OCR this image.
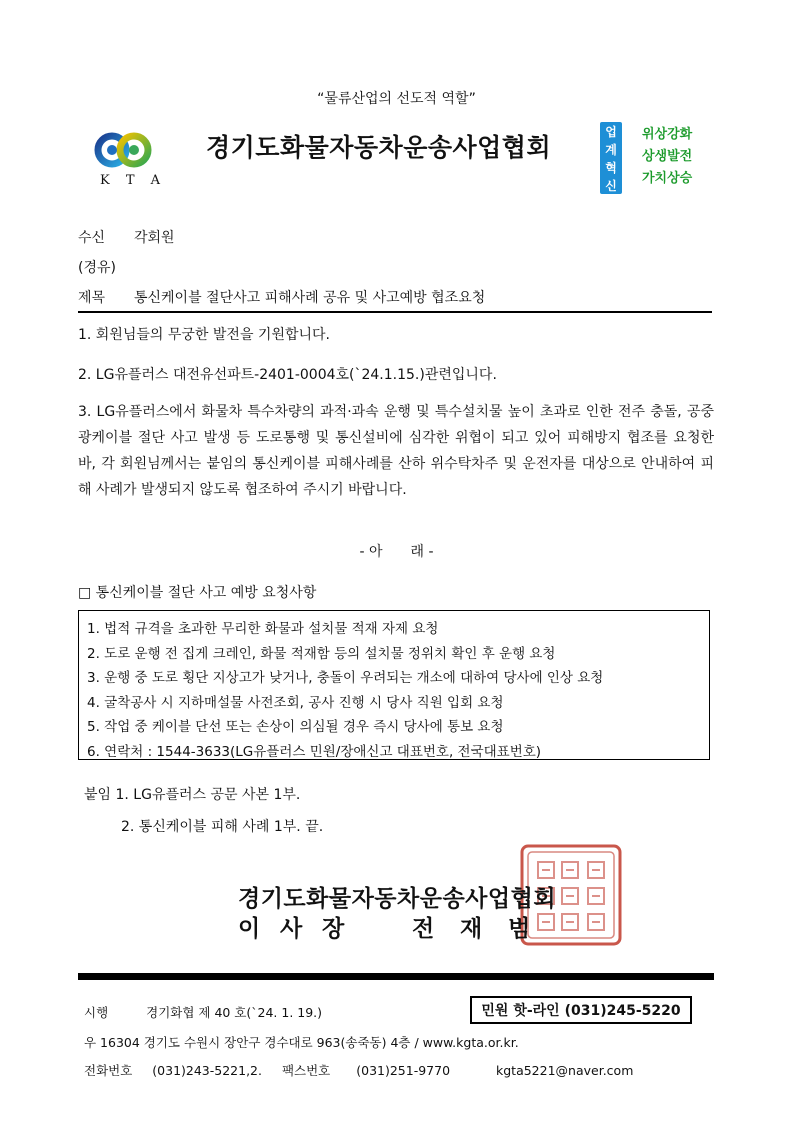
“물류산업의 선도적 역할”
K T A
경기도화물자동차운송사업협회
업
계
혁
신
위상강화
상생발전
가치상승
수신 각회원
(경유)
제목 통신케이블 절단사고 피해사례 공유 및 사고예방 협조요청
1. 회원님들의 무궁한 발전을 기원합니다.
2. LG유플러스 대전유선파트-2401-0004호(`24.1.15.)관련입니다.
3. LG유플러스에서 화물차 특수차량의 과적·과속 운행 및 특수설치물 높이 초과로 인한 전주 충돌, 공중 광케이블 절단 사고 발생 등 도로통행 및 통신설비에 심각한 위협이 되고 있어 피해방지 협조를 요청한 바, 각 회원님께서는 붙임의 통신케이블 피해사례를 산하 위수탁차주 및 운전자를 대상으로 안내하여 피해 사례가 발생되지 않도록 협조하여 주시기 바랍니다.
- 아　　래 -
□ 통신케이블 절단 사고 예방 요청사항
1. 법적 규격을 초과한 무리한 화물과 설치물 적재 자제 요청
2. 도로 운행 전 집게 크레인, 화물 적재함 등의 설치물 정위치 확인 후 운행 요청
3. 운행 중 도로 횡단 지상고가 낮거나, 충돌이 우려되는 개소에 대하여 당사에 인상 요청
4. 굴착공사 시 지하매설물 사전조회, 공사 진행 시 당사 직원 입회 요청
5. 작업 중 케이블 단선 또는 손상이 의심될 경우 즉시 당사에 통보 요청
6. 연락처 : 1544-3633(LG유플러스 민원/장애신고 대표번호, 전국대표번호)
붙임 1. LG유플러스 공문 사본 1부.
2. 통신케이블 피해 사례 1부. 끝.
경기도화물자동차운송사업협회
이 사 장	전	재	범
시행	경기화협 제 40 호(`24. 1. 19.)	민원 핫-라인 (031)245-5220
우 16304 경기도 수원시 장안구 경수대로 963(송죽동) 4층 / www.kgta.or.kr.
전화번호 (031)243-5221,2. 팩스번호 (031)251-9770	kgta5221@naver.com
